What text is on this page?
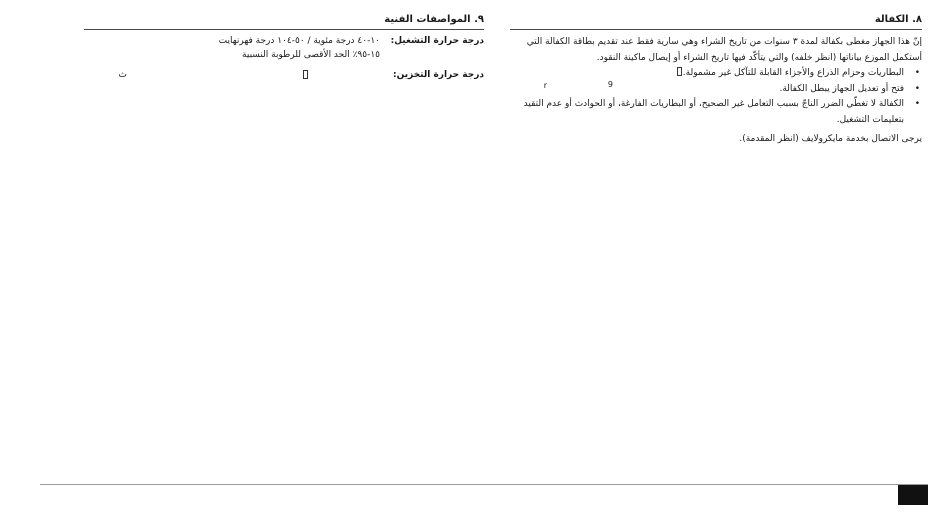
٨. الكفالة

إنّ هذا الجهاز مغطى بكفالة لمدة ٣ سنوات من تاريخ الشراء وهي سارية فقط عند تقديم بطاقة الكفالة التي أستكمل الموزع بياناتها (انظر خلفه) والتي يتأكّد فيها تاريخ الشراء أو إيصال ماكينة النقود.

• البطاريات وحزام الذراع والأجزاء القابلة للتآكل غير مشمولة.
• فتح أو تعديل الجهاز يبطل الكفالة.
• الكفالة لا تغطّي الضرر الناجّ بسبب التعامل غير الصحيح، أو البطاريات الفارغة، أو الحوادث أو عدم التقيد بتعليمات التشغيل.
يرجى الاتصال بخدمة مايكرولايف (انظر المقدمة).
9
r
٩. المواصفات الفنية
درجة حرارة التشغيل:
١٠-٤٠ درجة مئوية / ٥٠-١٠٤ درجة فهرنهايت
١٥-٩٥٪ الحد الأقصى للرطوبة النسبية
درجة حرارة التخزين:
ث
